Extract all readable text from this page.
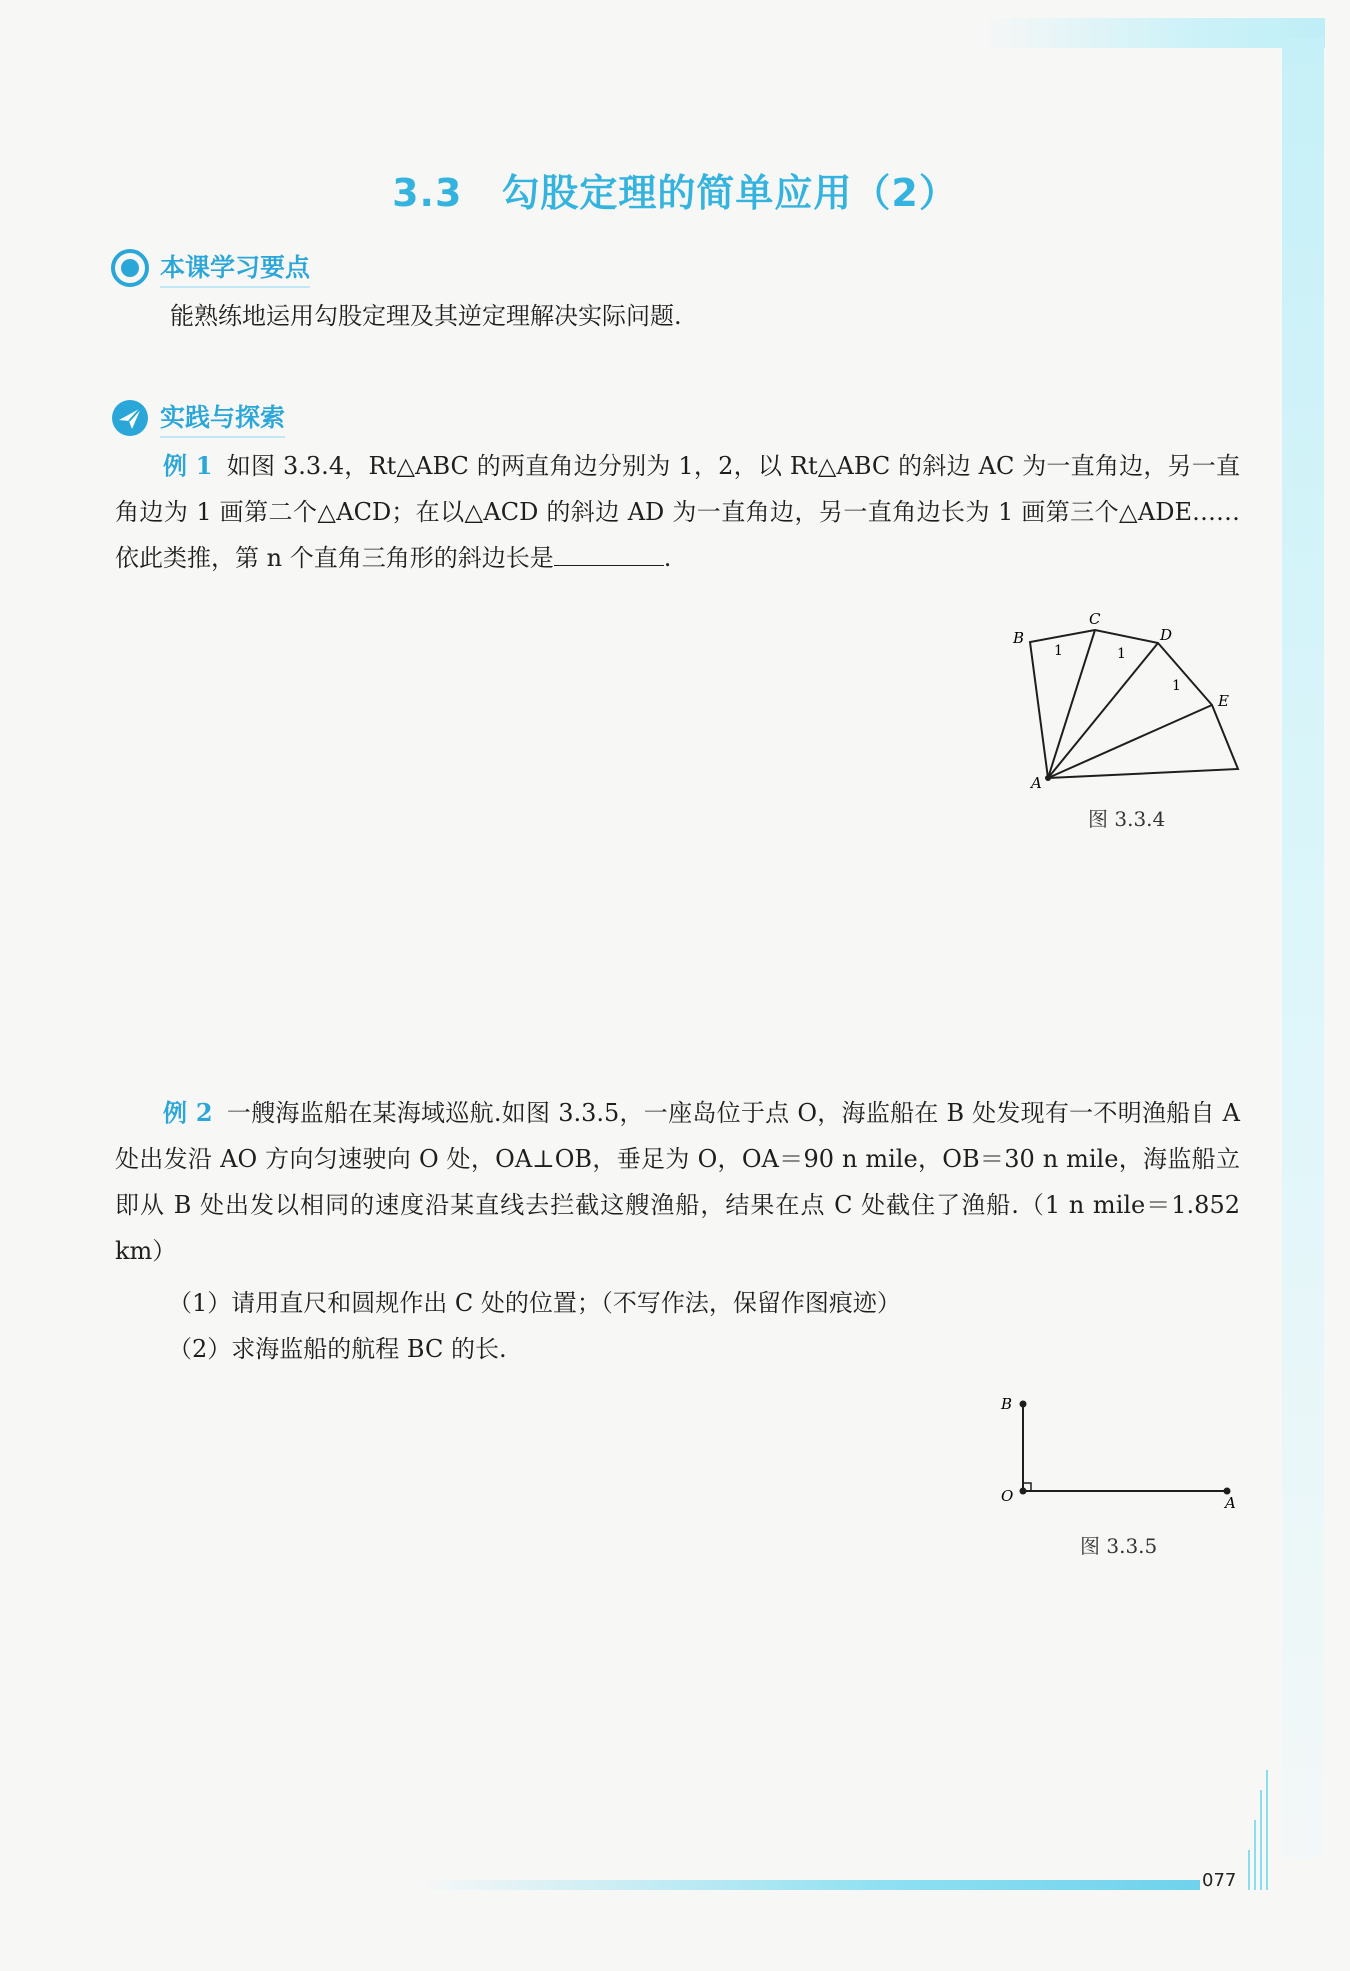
3.3　勾股定理的简单应用（2）
本课学习要点
能熟练地运用勾股定理及其逆定理解决实际问题.
实践与探索
例 1 如图 3.3.4，Rt△ABC 的两直角边分别为 1，2，以 Rt△ABC 的斜边 AC 为一直角边，另一直角边为 1 画第二个△ACD；在以△ACD 的斜边 AD 为一直角边，另一直角边长为 1 画第三个△ADE……依此类推，第 n 个直角三角形的斜边长是	.
A
B
C
D
E
1	1
1
图 3.3.4
例 2 一艘海监船在某海域巡航.如图 3.3.5，一座岛位于点 O，海监船在 B 处发现有一不明渔船自 A 处出发沿 AO 方向匀速驶向 O 处，OA⊥OB，垂足为 O，OA＝90 n mile，OB＝30 n mile，海监船立即从 B 处出发以相同的速度沿某直线去拦截这艘渔船，结果在点 C 处截住了渔船.（1 n mile＝1.852 km）
（1）请用直尺和圆规作出 C 处的位置；（不写作法，保留作图痕迹）
（2）求海监船的航程 BC 的长.
B
O	A
图 3.3.5
077
